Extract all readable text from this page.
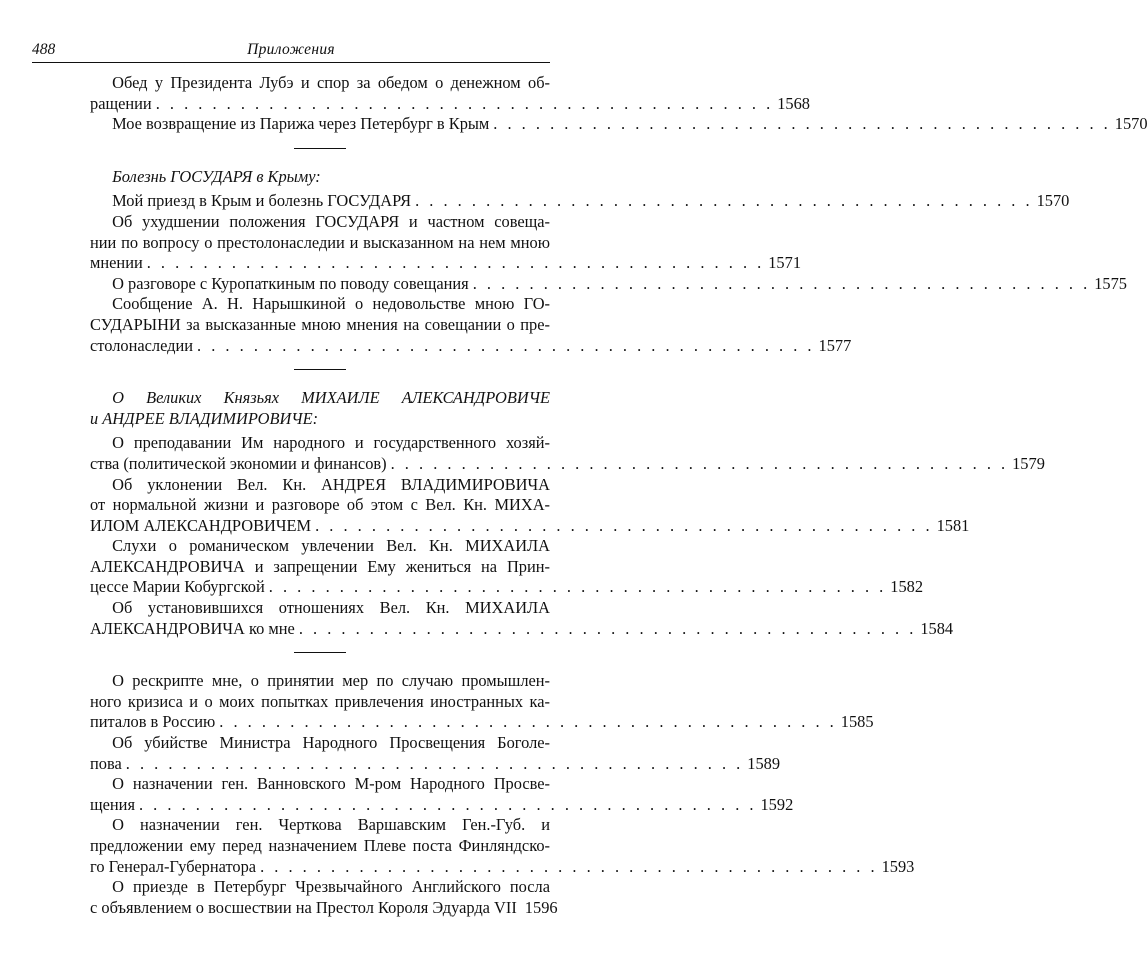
488	Приложения
Обед у Президента Лубэ и спор за обедом о денежном об-
ращении . . . . . . . . . . . . . . . . . . . . . . . . . . . . . . . . . . . . . . . . . . . . 1568
Мое возвращение из Парижа через Петербург в Крым . . . . . . . . . . . . . . . . . . . . . . . . . . . . . . . . . . . . . . . . . . . . 1570
Болезнь ГОСУДАРЯ в Крыму:
Мой приезд в Крым и болезнь ГОСУДАРЯ . . . . . . . . . . . . . . . . . . . . . . . . . . . . . . . . . . . . . . . . . . . . 1570
Об ухудшении положения ГОСУДАРЯ и частном совеща-
нии по вопросу о престолонаследии и высказанном на нем мною
мнении . . . . . . . . . . . . . . . . . . . . . . . . . . . . . . . . . . . . . . . . . . . . 1571
О разговоре с Куропаткиным по поводу совещания . . . . . . . . . . . . . . . . . . . . . . . . . . . . . . . . . . . . . . . . . . . . 1575
Сообщение А. Н. Нарышкиной о недовольстве мною ГО-
СУДАРЫНИ за высказанные мною мнения на совещании о пре-
столонаследии . . . . . . . . . . . . . . . . . . . . . . . . . . . . . . . . . . . . . . . . . . . . 1577
О Великих Князьях МИХАИЛЕ АЛЕКСАНДРОВИЧЕ
и АНДРЕЕ ВЛАДИМИРОВИЧЕ:
О преподавании Им народного и государственного хозяй-
ства (политической экономии и финансов) . . . . . . . . . . . . . . . . . . . . . . . . . . . . . . . . . . . . . . . . . . . . 1579
Об уклонении Вел. Кн. АНДРЕЯ ВЛАДИМИРОВИЧА
от нормальной жизни и разговоре об этом с Вел. Кн. МИХА-
ИЛОМ АЛЕКСАНДРОВИЧЕМ . . . . . . . . . . . . . . . . . . . . . . . . . . . . . . . . . . . . . . . . . . . . 1581
Слухи о романическом увлечении Вел. Кн. МИХАИЛА
АЛЕКСАНДРОВИЧА и запрещении Ему жениться на Прин-
цессе Марии Кобургской . . . . . . . . . . . . . . . . . . . . . . . . . . . . . . . . . . . . . . . . . . . . 1582
Об установившихся отношениях Вел. Кн. МИХАИЛА
АЛЕКСАНДРОВИЧА ко мне . . . . . . . . . . . . . . . . . . . . . . . . . . . . . . . . . . . . . . . . . . . . 1584
О рескрипте мне, о принятии мер по случаю промышлен-
ного кризиса и о моих попытках привлечения иностранных ка-
питалов в Россию . . . . . . . . . . . . . . . . . . . . . . . . . . . . . . . . . . . . . . . . . . . . 1585
Об убийстве Министра Народного Просвещения Боголе-
пова . . . . . . . . . . . . . . . . . . . . . . . . . . . . . . . . . . . . . . . . . . . . 1589
О назначении ген. Ванновского М-ром Народного Просве-
щения . . . . . . . . . . . . . . . . . . . . . . . . . . . . . . . . . . . . . . . . . . . . 1592
О назначении ген. Черткова Варшавским Ген.-Губ. и
предложении ему перед назначением Плеве поста Финляндско-
го Генерал-Губернатора . . . . . . . . . . . . . . . . . . . . . . . . . . . . . . . . . . . . . . . . . . . . 1593
О приезде в Петербург Чрезвычайного Английского посла
с объявлением о восшествии на Престол Короля Эдуарда VII 1596
